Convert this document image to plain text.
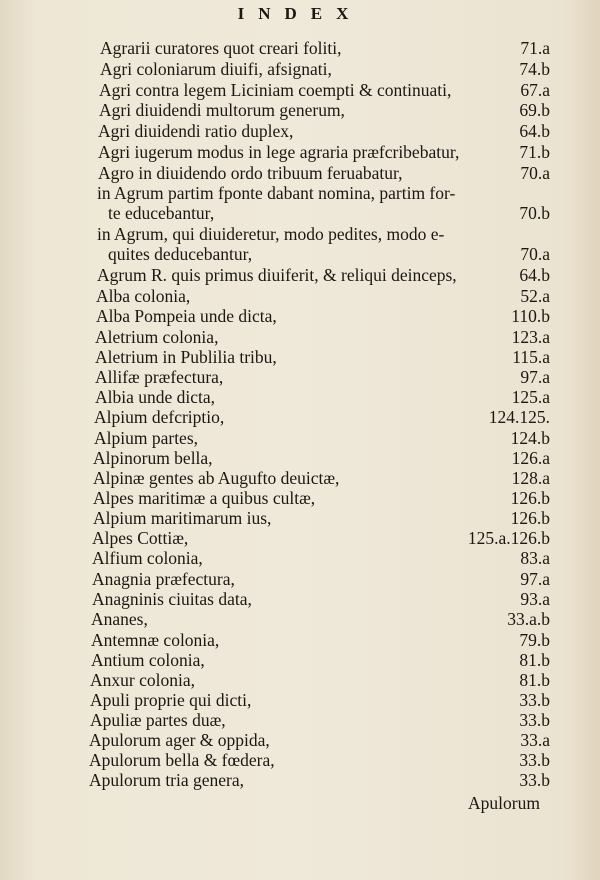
INDEX
Agrarii curatores quot creari foliti,	71.a
Agri coloniarum diuifi, afsignati,	74.b
Agri contra legem Liciniam coempti & continuati,	67.a
Agri diuidendi multorum generum,	69.b
Agri diuidendi ratio duplex,	64.b
Agri iugerum modus in lege agraria præfcribebatur,	71.b
Agro in diuidendo ordo tribuum feruabatur,	70.a
in Agrum partim fponte dabant nomina, partim for-
te educebantur,	70.b
in Agrum, qui diuideretur, modo pedites, modo e-
quites deducebantur,	70.a
Agrum R. quis primus diuiferit, & reliqui deinceps,	64.b
Alba colonia,	52.a
Alba Pompeia unde dicta,	110.b
Aletrium colonia,	123.a
Aletrium in Publilia tribu,	115.a
Allifæ præfectura,	97.a
Albia unde dicta,	125.a
Alpium defcriptio,	124.125.
Alpium partes,	124.b
Alpinorum bella,	126.a
Alpinæ gentes ab Augufto deuictæ,	128.a
Alpes maritimæ a quibus cultæ,	126.b
Alpium maritimarum ius,	126.b
Alpes Cottiæ,	125.a.126.b
Alfium colonia,	83.a
Anagnia præfectura,	97.a
Anagninis ciuitas data,	93.a
Ananes,	33.a.b
Antemnæ colonia,	79.b
Antium colonia,	81.b
Anxur colonia,	81.b
Apuli proprie qui dicti,	33.b
Apuliæ partes duæ,	33.b
Apulorum ager & oppida,	33.a
Apulorum bella & fœdera,	33.b
Apulorum tria genera,	33.b
Apulorum
